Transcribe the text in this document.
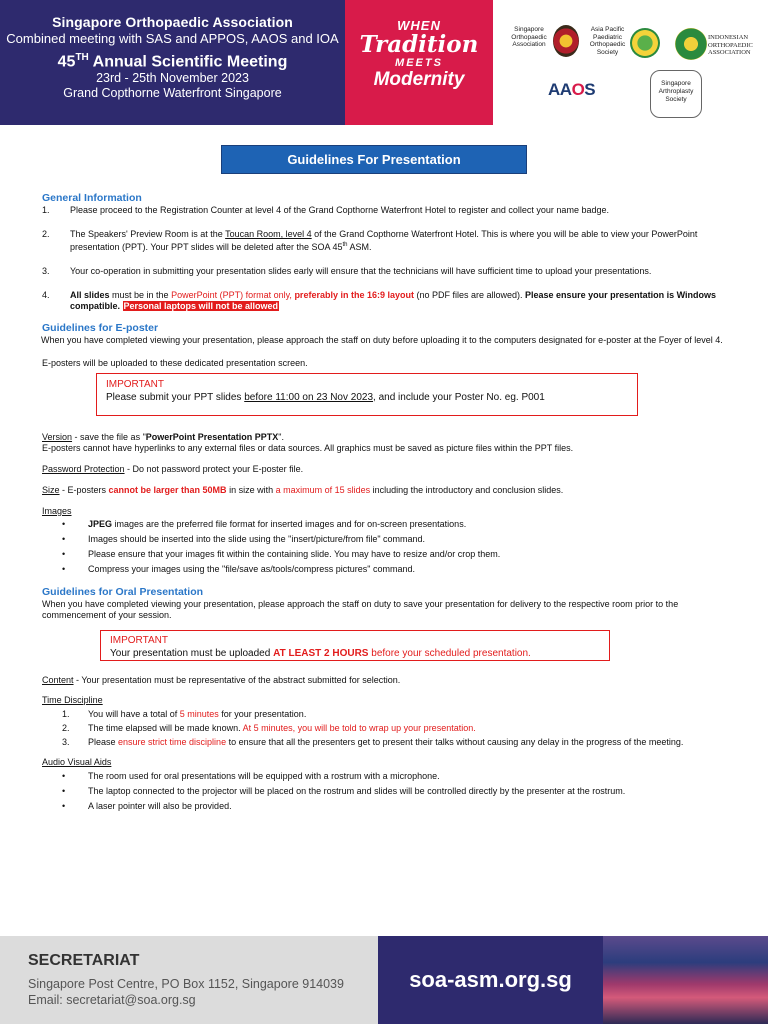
Singapore Orthopaedic Association
Combined meeting with SAS and APPOS, AAOS and IOA
45TH Annual Scientific Meeting
23rd - 25th November 2023
Grand Copthorne Waterfront Singapore
WHEN
Tradition
MEETS
Modernity
Singapore Orthopaedic Association
Asia Pacific Paediatric Orthopaedic Society
INDONESIAN ORTHOPAEDIC ASSOCIATION
AAOS	Singapore Arthroplasty Society
Guidelines For Presentation
General Information
1.	Please proceed to the Registration Counter at level 4 of the Grand Copthorne Waterfront Hotel to register and collect your name badge.
2.	The Speakers' Preview Room is at the Toucan Room, level 4 of the Grand Copthorne Waterfront Hotel. This is where you will be able to view your PowerPoint presentation (PPT). Your PPT slides will be deleted after the SOA 45th ASM.
3.	Your co-operation in submitting your presentation slides early will ensure that the technicians will have sufficient time to upload your presentations.
4.	All slides must be in the PowerPoint (PPT) format only, preferably in the 16:9 layout (no PDF files are allowed). Please ensure your presentation is Windows compatible. Personal laptops will not be allowed
Guidelines for E-poster
When you have completed viewing your presentation, please approach the staff on duty before uploading it to the computers designated for e-poster at the Foyer of level 4.
E-posters will be uploaded to these dedicated presentation screen.
IMPORTANT
Please submit your PPT slides before 11:00 on 23 Nov 2023, and include your Poster No. eg. P001
Version - save the file as "PowerPoint Presentation PPTX".
E-posters cannot have hyperlinks to any external files or data sources. All graphics must be saved as picture files within the PPT files.
Password Protection - Do not password protect your E-poster file.
Size - E-posters cannot be larger than 50MB in size with a maximum of 15 slides including the introductory and conclusion slides.
Images
•	JPEG images are the preferred file format for inserted images and for on-screen presentations.
•	Images should be inserted into the slide using the "insert/picture/from file" command.
•	Please ensure that your images fit within the containing slide. You may have to resize and/or crop them.
•	Compress your images using the "file/save as/tools/compress pictures" command.
Guidelines for Oral Presentation
When you have completed viewing your presentation, please approach the staff on duty to save your presentation for delivery to the respective room prior to the commencement of your session.
IMPORTANT
Your presentation must be uploaded AT LEAST 2 HOURS before your scheduled presentation.
Content - Your presentation must be representative of the abstract submitted for selection.
Time Discipline
1.	You will have a total of 5 minutes for your presentation.
2.	The time elapsed will be made known. At 5 minutes, you will be told to wrap up your presentation.
3.	Please ensure strict time discipline to ensure that all the presenters get to present their talks without causing any delay in the progress of the meeting.
Audio Visual Aids
•	The room used for oral presentations will be equipped with a rostrum with a microphone.
•	The laptop connected to the projector will be placed on the rostrum and slides will be controlled directly by the presenter at the rostrum.
•	A laser pointer will also be provided.
SECRETARIAT
Singapore Post Centre, PO Box 1152, Singapore 914039
Email: secretariat@soa.org.sg
soa-asm.org.sg
